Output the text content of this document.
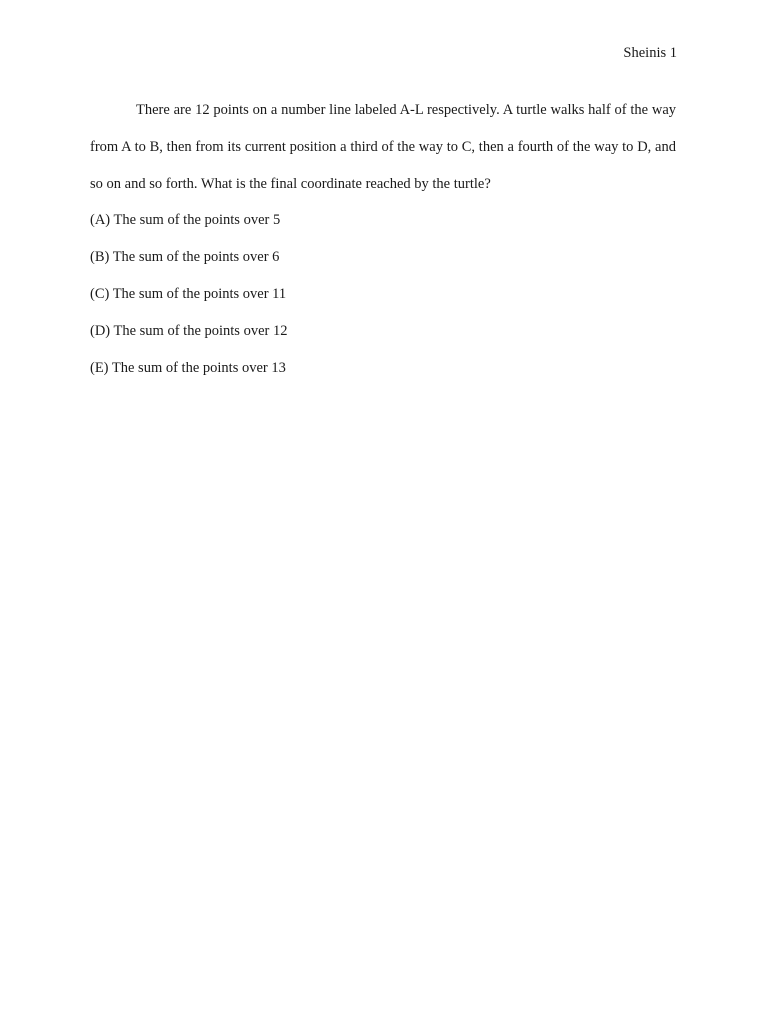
Sheinis 1

There are 12 points on a number line labeled A-L respectively. A turtle walks half of the way from A to B, then from its current position a third of the way to C, then a fourth of the way to D, and so on and so forth. What is the final coordinate reached by the turtle?

(A) The sum of the points over 5

(B) The sum of the points over 6

(C) The sum of the points over 11

(D) The sum of the points over 12

(E) The sum of the points over 13
